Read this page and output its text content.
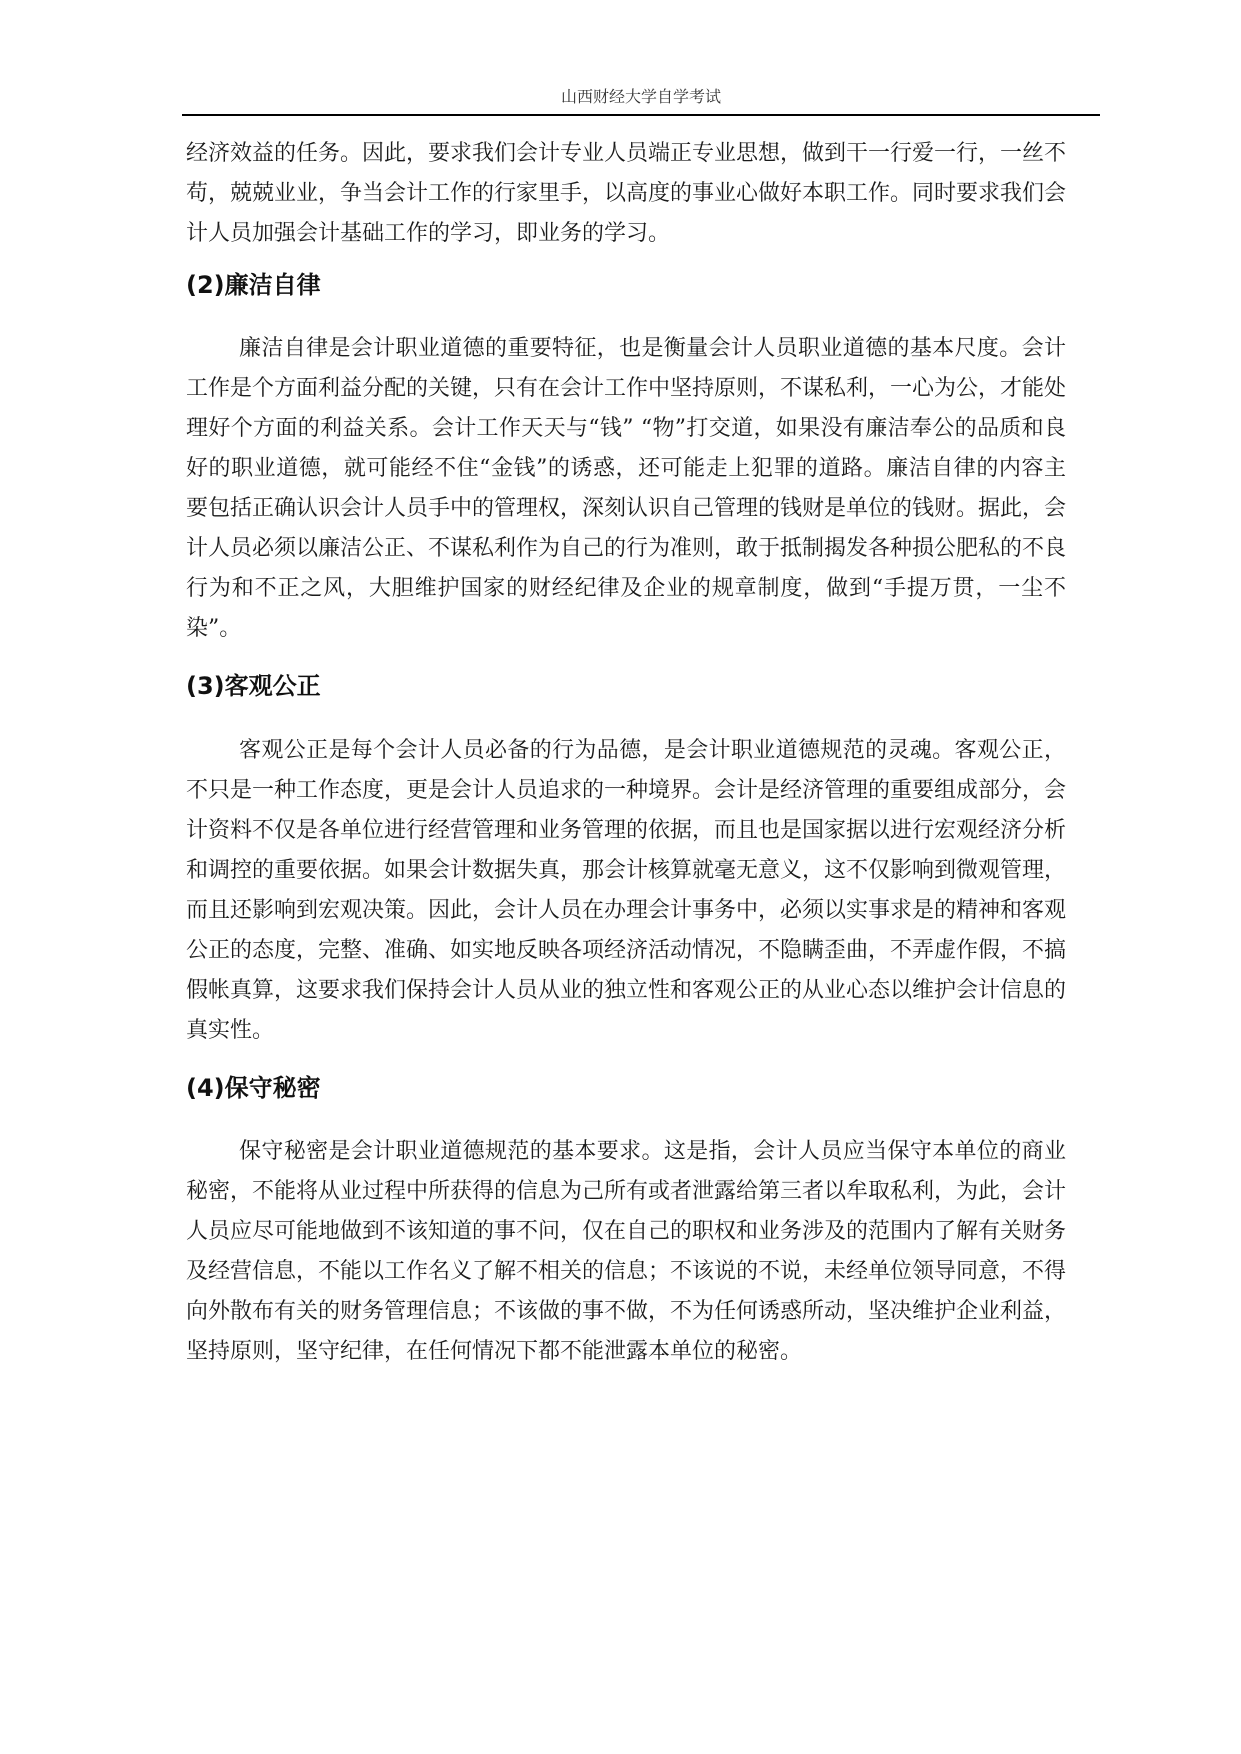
山西财经大学自学考试

经济效益的任务。因此，要求我们会计专业人员端正专业思想，做到干一行爱一行，一丝不苟，兢兢业业，争当会计工作的行家里手，以高度的事业心做好本职工作。同时要求我们会计人员加强会计基础工作的学习，即业务的学习。

(2)廉洁自律

廉洁自律是会计职业道德的重要特征，也是衡量会计人员职业道德的基本尺度。会计工作是个方面利益分配的关键，只有在会计工作中坚持原则，不谋私利，一心为公，才能处理好个方面的利益关系。会计工作天天与“钱” “物”打交道，如果没有廉洁奉公的品质和良好的职业道德，就可能经不住“金钱”的诱惑，还可能走上犯罪的道路。廉洁自律的内容主要包括正确认识会计人员手中的管理权，深刻认识自己管理的钱财是单位的钱财。据此，会计人员必须以廉洁公正、不谋私利作为自己的行为准则，敢于抵制揭发各种损公肥私的不良行为和不正之风，大胆维护国家的财经纪律及企业的规章制度，做到“手提万贯，一尘不染”。

(3)客观公正

客观公正是每个会计人员必备的行为品德，是会计职业道德规范的灵魂。客观公正，不只是一种工作态度，更是会计人员追求的一种境界。会计是经济管理的重要组成部分，会计资料不仅是各单位进行经营管理和业务管理的依据，而且也是国家据以进行宏观经济分析和调控的重要依据。如果会计数据失真，那会计核算就毫无意义，这不仅影响到微观管理，而且还影响到宏观决策。因此，会计人员在办理会计事务中，必须以实事求是的精神和客观公正的态度，完整、准确、如实地反映各项经济活动情况，不隐瞒歪曲，不弄虚作假，不搞假帐真算，这要求我们保持会计人员从业的独立性和客观公正的从业心态以维护会计信息的真实性。

(4)保守秘密

保守秘密是会计职业道德规范的基本要求。这是指，会计人员应当保守本单位的商业秘密，不能将从业过程中所获得的信息为己所有或者泄露给第三者以牟取私利，为此，会计人员应尽可能地做到不该知道的事不问，仅在自己的职权和业务涉及的范围内了解有关财务及经营信息，不能以工作名义了解不相关的信息；不该说的不说，未经单位领导同意，不得向外散布有关的财务管理信息；不该做的事不做，不为任何诱惑所动，坚决维护企业利益，坚持原则，坚守纪律，在任何情况下都不能泄露本单位的秘密。
